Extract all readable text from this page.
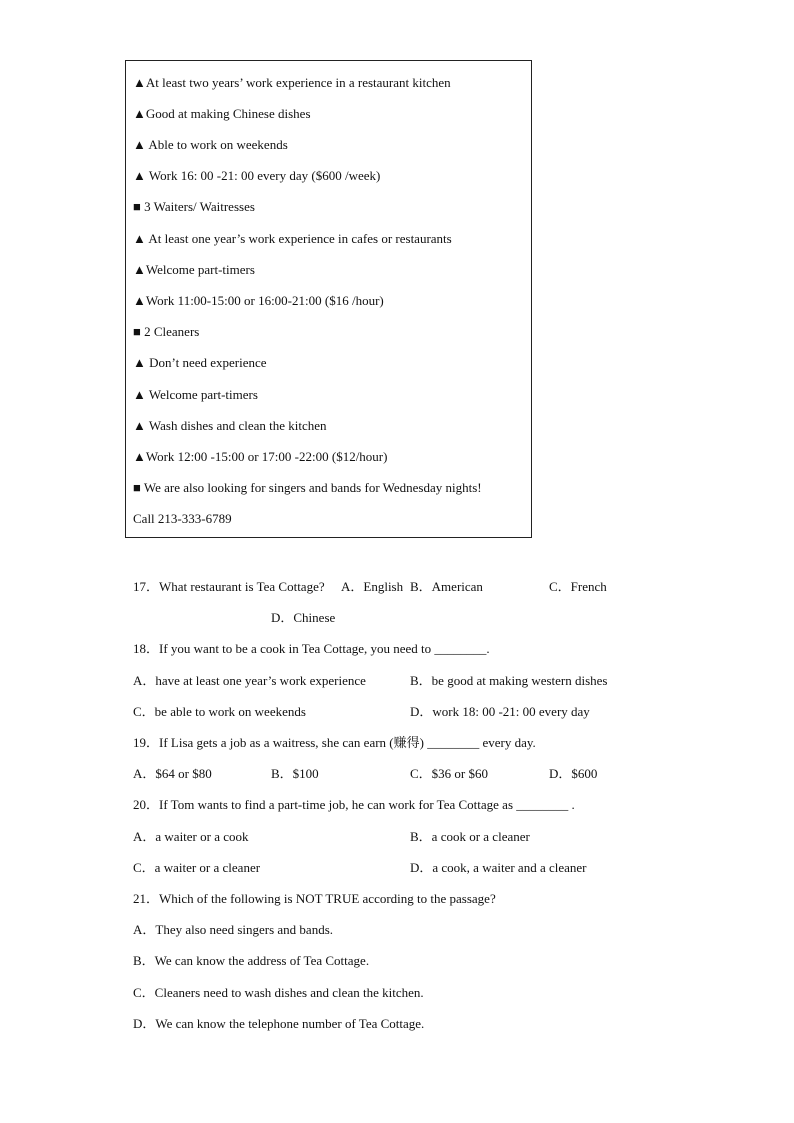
▲At least two years’ work experience in a restaurant kitchen
▲Good at making Chinese dishes
▲ Able to work on weekends
▲ Work 16: 00 -21: 00 every day ($600 /week)
■ 3 Waiters/ Waitresses
▲ At least one year’s work experience in cafes or restaurants
▲Welcome part-timers
▲Work 11:00-15:00 or 16:00-21:00 ($16 /hour)
■ 2 Cleaners
▲ Don’t need experience
▲ Welcome part-timers
▲ Wash dishes and clean the kitchen
▲Work 12:00 -15:00 or 17:00 -22:00 ($12/hour)
■ We are also looking for singers and bands for Wednesday nights!
Call 213-333-6789
17．What restaurant is Tea Cottage? A．English B．American	C．French
D．Chinese
18．If you want to be a cook in Tea Cottage, you need to ________.
A．have at least one year’s work experience	B．be good at making western dishes
C．be able to work on weekends	D．work 18: 00 -21: 00 every day
19．If Lisa gets a job as a waitress, she can earn (赚得) ________ every day.
A．$64 or $80	B．$100	C．$36 or $60	D．$600
20．If Tom wants to find a part-time job, he can work for Tea Cottage as ________ .
A．a waiter or a cook	B．a cook or a cleaner
C．a waiter or a cleaner	D．a cook, a waiter and a cleaner
21．Which of the following is NOT TRUE according to the passage?
A．They also need singers and bands.
B．We can know the address of Tea Cottage.
C．Cleaners need to wash dishes and clean the kitchen.
D．We can know the telephone number of Tea Cottage.
